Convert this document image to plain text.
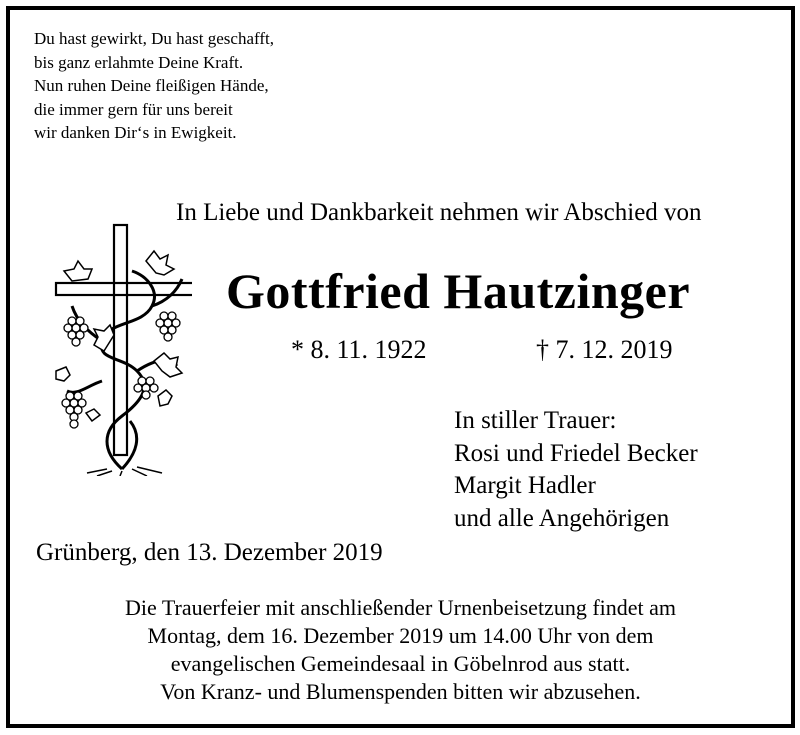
Du hast gewirkt, Du hast geschafft,
bis ganz erlahmte Deine Kraft.
Nun ruhen Deine fleißigen Hände,
die immer gern für uns bereit
wir danken Dir‘s in Ewigkeit.
In Liebe und Dankbarkeit nehmen wir Abschied von
Gottfried Hautzinger
* 8. 11. 1922	† 7. 12. 2019
In stiller Trauer:
Rosi und Friedel Becker
Margit Hadler
und alle Angehörigen
Grünberg, den 13. Dezember 2019
Die Trauerfeier mit anschließender Urnenbeisetzung findet am
Montag, dem 16. Dezember 2019 um 14.00 Uhr von dem
evangelischen Gemeindesaal in Göbelnrod aus statt.
Von Kranz- und Blumenspenden bitten wir abzusehen.
